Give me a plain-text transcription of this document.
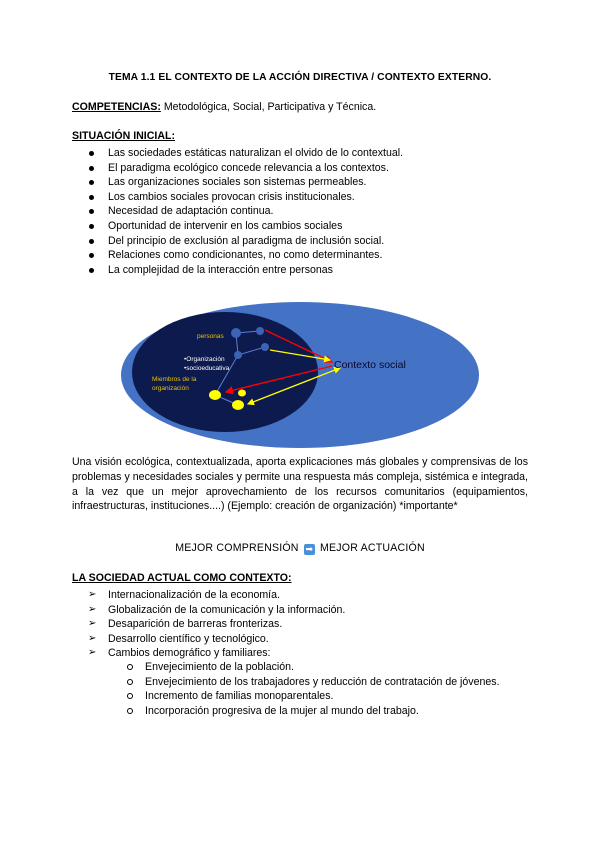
TEMA 1.1 EL CONTEXTO DE LA ACCIÓN DIRECTIVA / CONTEXTO EXTERNO.
COMPETENCIAS: Metodológica, Social, Participativa y Técnica.
SITUACIÓN INICIAL:
Las sociedades estáticas naturalizan el olvido de lo contextual.
El paradigma ecológico concede relevancia a los contextos.
Las organizaciones sociales son sistemas permeables.
Los cambios sociales provocan crisis institucionales.
Necesidad de adaptación continua.
Oportunidad de intervenir en los cambios sociales
Del principio de exclusión al paradigma de inclusión social.
Relaciones como condicionantes, no como determinantes.
La complejidad de la interacción entre personas
personas
•Organización
•socioeducativa
Miembros de la
organización
Contexto social
Una visión ecológica, contextualizada, aporta explicaciones más globales y comprensivas de los problemas y necesidades sociales y permite una respuesta más compleja, sistémica e integrada, a la vez que un mejor aprovechamiento de los recursos comunitarios (equipamientos, infraestructuras, instituciones....) (Ejemplo: creación de organización) *importante*
MEJOR COMPRENSIÓN ➡ MEJOR ACTUACIÓN
LA SOCIEDAD ACTUAL COMO CONTEXTO:
➢ Internacionalización de la economía.
➢ Globalización de la comunicación y la información.
➢ Desaparición de barreras fronterizas.
➢ Desarrollo científico y tecnológico.
➢ Cambios demográfico y familiares:
Envejecimiento de la población.
Envejecimiento de los trabajadores y reducción de contratación de jóvenes.
Incremento de familias monoparentales.
Incorporación progresiva de la mujer al mundo del trabajo.
